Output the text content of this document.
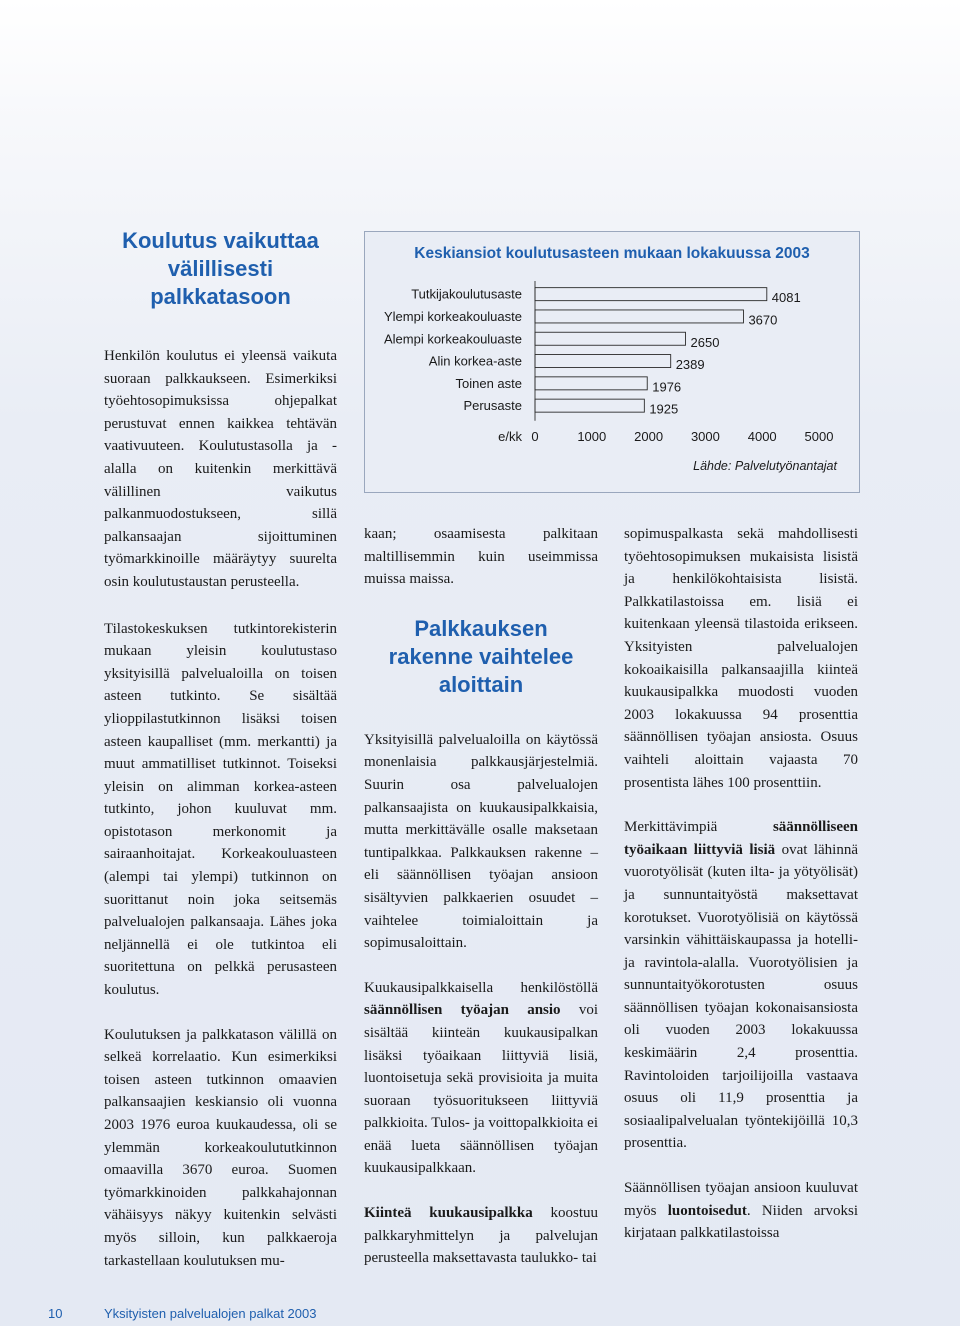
Koulutus vaikuttaa välillisesti palkkatasoon

Henkilön koulutus ei yleensä vaikuta suoraan palkkaukseen. Esimerkiksi työehtosopimuksissa ohjepalkat perustuvat ennen kaikkea tehtävän vaativuuteen. Koulutustasolla ja -alalla on kuitenkin merkittävä välillinen vaikutus palkanmuodostukseen, sillä palkansaajan sijoittuminen työmarkkinoille määräytyy suurelta osin koulutustaustan perusteella.

Tilastokeskuksen tutkintorekisterin mukaan yleisin koulutustaso yksityisillä palvelualoilla on toisen asteen tutkinto. Se sisältää ylioppilastutkinnon lisäksi toisen asteen kaupalliset (mm. merkantti) ja muut ammatilliset tutkinnot. Toiseksi yleisin on alimman korkea-asteen tutkinto, johon kuuluvat mm. opistotason merkonomit ja sairaanhoitajat. Korkeakouluasteen (alempi tai ylempi) tutkinnon on suorittanut noin joka seitsemäs palvelualojen palkansaaja. Lähes joka neljännellä ei ole tutkintoa eli suoritettuna on pelkkä perusasteen koulutus.

Koulutuksen ja palkkatason välillä on selkeä korrelaatio. Kun esimerkiksi toisen asteen tutkinnon omaavien palkansaajien keskiansio oli vuonna 2003 1976 euroa kuukaudessa, oli se ylemmän korkeakoulututkinnon omaavilla 3670 euroa. Suomen työmarkkinoiden palkkahajonnan vähäisyys näkyy kuitenkin selvästi myös silloin, kun palkkaeroja tarkastellaan koulutuksen mu-

Keskiansiot koulutusasteen mukaan lokakuussa 2003
Tutkijakoulutusaste	4081
Ylempi korkeakouluaste	3670
Alempi korkeakouluaste	2650
Alin korkea-aste	2389
Toinen aste	1976
Perusaste	1925
e/kk 0	1000 2000 3000 4000 5000
Lähde: Palvelutyönantajat

kaan; osaamisesta palkitaan maltillisemmin kuin useimmissa muissa maissa.

Palkkauksen rakenne vaihtelee aloittain

Yksityisillä palvelualoilla on käytössä monenlaisia palkkausjärjestelmiä. Suurin osa palvelualojen palkansaajista on kuukausipalkkaisia, mutta merkittävälle osalle maksetaan tuntipalkkaa. Palkkauksen rakenne – eli säännöllisen työajan ansioon sisältyvien palkkaerien osuudet – vaihtelee toimialoittain ja sopimusaloittain.

Kuukausipalkkaisella henkilöstöllä säännöllisen työajan ansio voi sisältää kiinteän kuukausipalkan lisäksi työaikaan liittyviä lisiä, luontoisetuja sekä provisioita ja muita suoraan työsuoritukseen liittyviä palkkioita. Tulos- ja voittopalkkioita ei enää lueta säännöllisen työajan kuukausipalkkaan.

Kiinteä kuukausipalkka koostuu palkkaryhmittelyn ja palvelujan perusteella maksettavasta taulukko- tai

sopimuspalkasta sekä mahdollisesti työehtosopimuksen mukaisista lisistä ja henkilökohtaisista lisistä. Palkkatilastoissa em. lisiä ei kuitenkaan yleensä tilastoida erikseen. Yksityisten palvelualojen kokoaikaisilla palkansaajilla kiinteä kuukausipalkka muodosti vuoden 2003 lokakuussa 94 prosenttia säännöllisen työajan ansiosta. Osuus vaihteli aloittain vajaasta 70 prosentista lähes 100 prosenttiin.

Merkittävimpiä säännölliseen työaikaan liittyviä lisiä ovat lähinnä vuorotyölisät (kuten ilta- ja yötyölisät) ja sunnuntaityöstä maksettavat korotukset. Vuorotyölisiä on käytössä varsinkin vähittäiskaupassa ja hotelli- ja ravintola-alalla. Vuorotyölisien ja sunnuntaityökorotusten osuus säännöllisen työajan kokonaisansiosta oli vuoden 2003 lokakuussa keskimäärin 2,4 prosenttia. Ravintoloiden tarjoilijoilla vastaava osuus oli 11,9 prosenttia ja sosiaalipalvelualan työntekijöillä 10,3 prosenttia.

Säännöllisen työajan ansioon kuuluvat myös luontoisedut. Niiden arvoksi kirjataan palkkatilastoissa

10	Yksityisten palvelualojen palkat 2003
